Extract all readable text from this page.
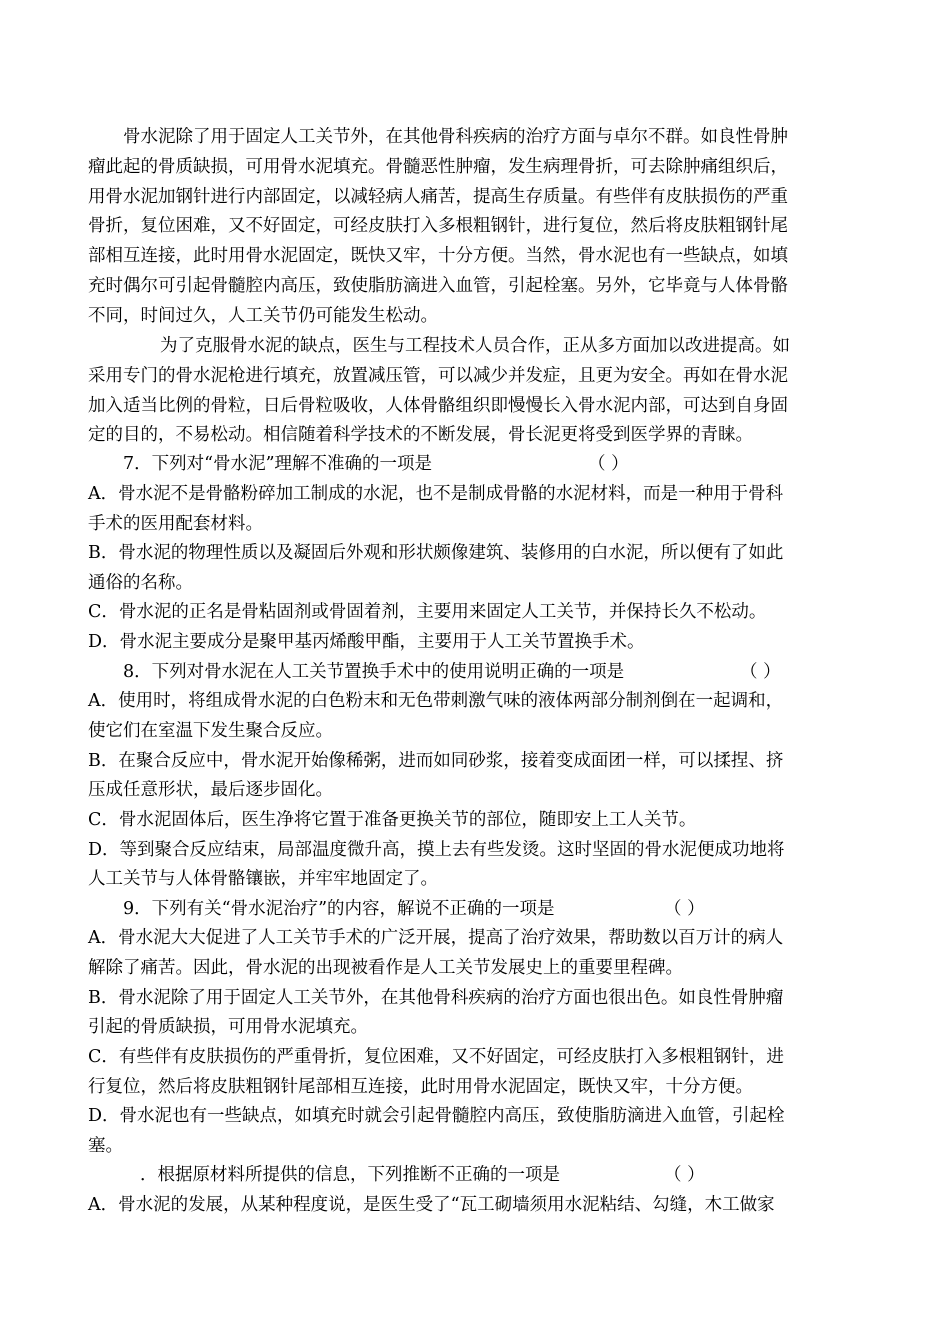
骨水泥除了用于固定人工关节外，在其他骨科疾病的治疗方面与卓尔不群。如良性骨肿
瘤此起的骨质缺损，可用骨水泥填充。骨髓恶性肿瘤，发生病理骨折，可去除肿痛组织后，
用骨水泥加钢针进行内部固定，以减轻病人痛苦，提高生存质量。有些伴有皮肤损伤的严重
骨折，复位困难，又不好固定，可经皮肤打入多根粗钢针，进行复位，然后将皮肤粗钢针尾
部相互连接，此时用骨水泥固定，既快又牢，十分方便。当然，骨水泥也有一些缺点，如填
充时偶尔可引起骨髓腔内高压，致使脂肪滴进入血管，引起栓塞。另外，它毕竟与人体骨骼
不同，时间过久，人工关节仍可能发生松动。
为了克服骨水泥的缺点，医生与工程技术人员合作，正从多方面加以改进提高。如
采用专门的骨水泥枪进行填充，放置减压管，可以减少并发症，且更为安全。再如在骨水泥
加入适当比例的骨粒，日后骨粒吸收，人体骨骼组织即慢慢长入骨水泥内部，可达到自身固
定的目的，不易松动。相信随着科学技术的不断发展，骨长泥更将受到医学界的青睐。
7．下列对“骨水泥”理解不准确的一项是	（ ）
A．骨水泥不是骨骼粉碎加工制成的水泥，也不是制成骨骼的水泥材料，而是一种用于骨科
手术的医用配套材料。
B．骨水泥的物理性质以及凝固后外观和形状颇像建筑、装修用的白水泥，所以便有了如此
通俗的名称。
C．骨水泥的正名是骨粘固剂或骨固着剂，主要用来固定人工关节，并保持长久不松动。
D．骨水泥主要成分是聚甲基丙烯酸甲酯，主要用于人工关节置换手术。
8．下列对骨水泥在人工关节置换手术中的使用说明正确的一项是	（ ）
A．使用时，将组成骨水泥的白色粉末和无色带刺激气味的液体两部分制剂倒在一起调和，
使它们在室温下发生聚合反应。
B．在聚合反应中，骨水泥开始像稀粥，进而如同砂浆，接着变成面团一样，可以揉捏、挤
压成任意形状，最后逐步固化。
C．骨水泥固体后，医生净将它置于准备更换关节的部位，随即安上工人关节。
D．等到聚合反应结束，局部温度微升高，摸上去有些发烫。这时坚固的骨水泥便成功地将
人工关节与人体骨骼镶嵌，并牢牢地固定了。
9．下列有关“骨水泥治疗”的内容，解说不正确的一项是	（ ）
A．骨水泥大大促进了人工关节手术的广泛开展，提高了治疗效果，帮助数以百万计的病人
解除了痛苦。因此，骨水泥的出现被看作是人工关节发展史上的重要里程碑。
B．骨水泥除了用于固定人工关节外，在其他骨科疾病的治疗方面也很出色。如良性骨肿瘤
引起的骨质缺损，可用骨水泥填充。
C．有些伴有皮肤损伤的严重骨折，复位困难，又不好固定，可经皮肤打入多根粗钢针，进
行复位，然后将皮肤粗钢针尾部相互连接，此时用骨水泥固定，既快又牢，十分方便。
D．骨水泥也有一些缺点，如填充时就会引起骨髓腔内高压，致使脂肪滴进入血管，引起栓
塞。
．根据原材料所提供的信息，下列推断不正确的一项是	（ ）
A．骨水泥的发展，从某种程度说，是医生受了“瓦工砌墙须用水泥粘结、勾缝，木工做家
